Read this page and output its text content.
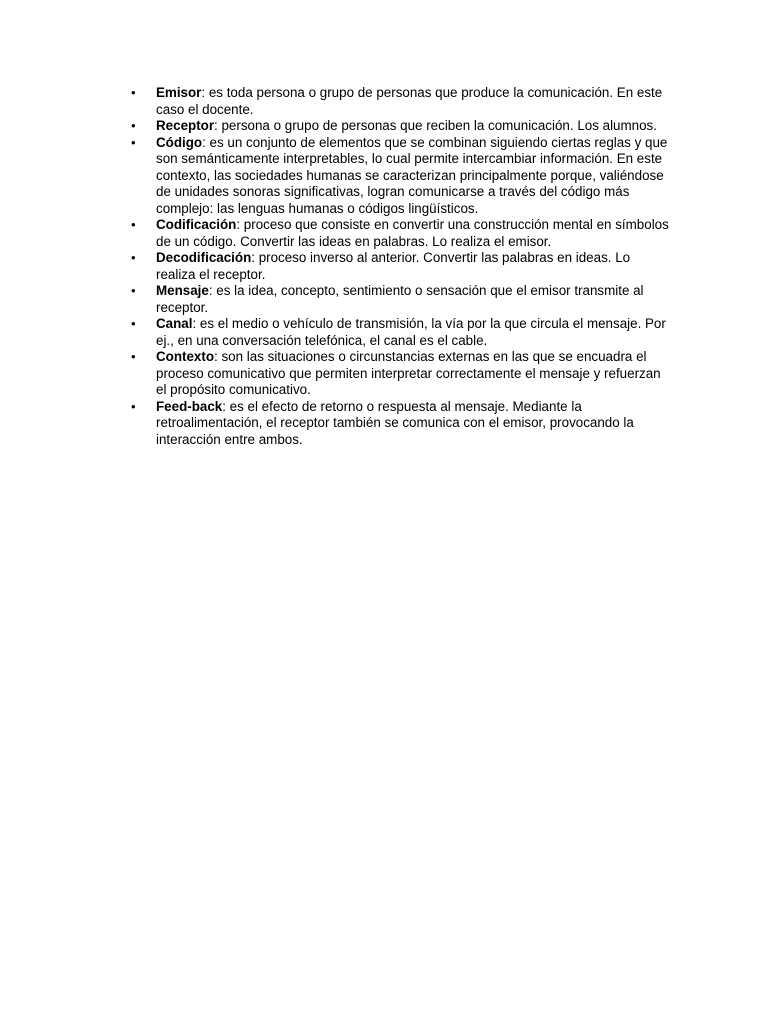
•	Emisor: es toda persona o grupo de personas que produce la comunicación. En este caso el docente.
•	Receptor: persona o grupo de personas que reciben la comunicación. Los alumnos.
•	Código: es un conjunto de elementos que se combinan siguiendo ciertas reglas y que son semánticamente interpretables, lo cual permite intercambiar información. En este contexto, las sociedades humanas se caracterizan principalmente porque, valiéndose de unidades sonoras significativas, logran comunicarse a través del código más complejo: las lenguas humanas o códigos lingüísticos.
•	Codificación: proceso que consiste en convertir una construcción mental en símbolos de un código. Convertir las ideas en palabras. Lo realiza el emisor.
•	Decodificación: proceso inverso al anterior. Convertir las palabras en ideas. Lo realiza el receptor.
•	Mensaje: es la idea, concepto, sentimiento o sensación que el emisor transmite al receptor.
•	Canal: es el medio o vehículo de transmisión, la vía por la que circula el mensaje. Por ej., en una conversación telefónica, el canal es el cable.
•	Contexto: son las situaciones o circunstancias externas en las que se encuadra el proceso comunicativo que permiten interpretar correctamente el mensaje y refuerzan el propósito comunicativo.
•	Feed-back: es el efecto de retorno o respuesta al mensaje. Mediante la retroalimentación, el receptor también se comunica con el emisor, provocando la interacción entre ambos.
